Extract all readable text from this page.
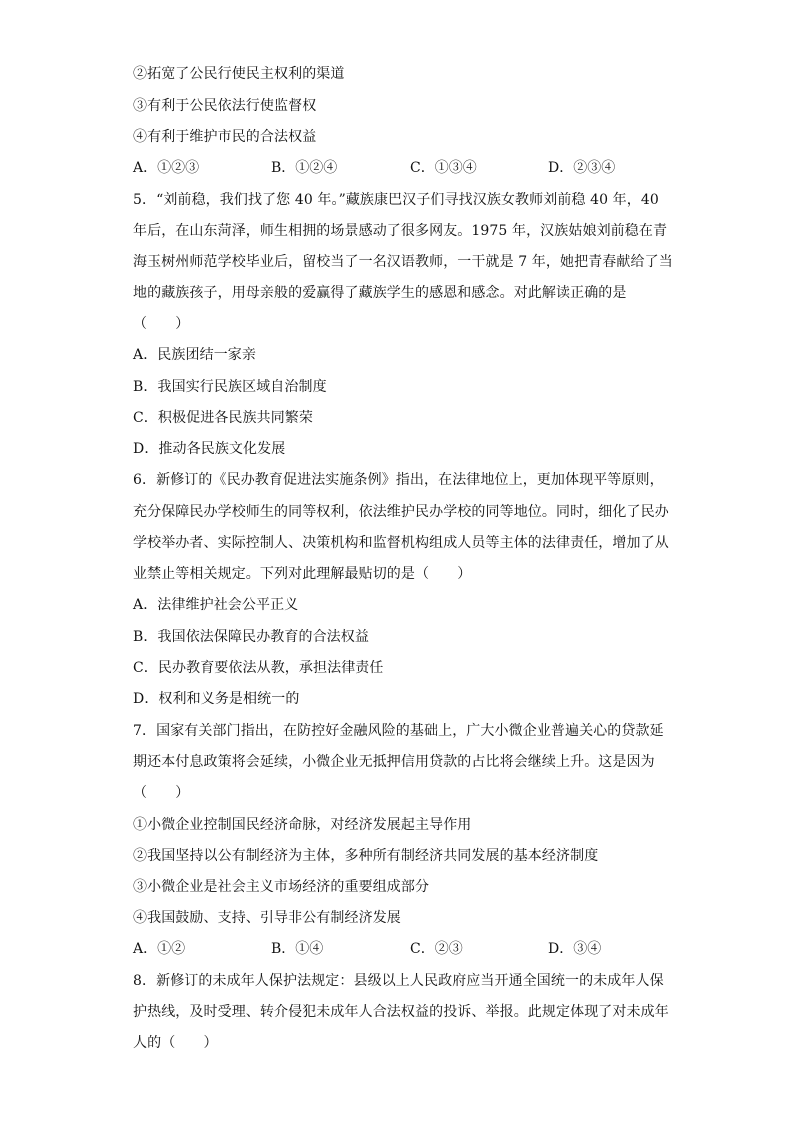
②拓宽了公民行使民主权利的渠道
③有利于公民依法行使监督权
④有利于维护市民的合法权益
A．①②③	B．①②④	C．①③④	D．②③④
5．“刘前稳，我们找了您 40 年。”藏族康巴汉子们寻找汉族女教师刘前稳 40 年，40
年后，在山东菏泽，师生相拥的场景感动了很多网友。1975 年，汉族姑娘刘前稳在青
海玉树州师范学校毕业后，留校当了一名汉语教师，一干就是 7 年，她把青春献给了当
地的藏族孩子，用母亲般的爱赢得了藏族学生的感恩和感念。对此解读正确的是
（　　）
A．民族团结一家亲
B．我国实行民族区域自治制度
C．积极促进各民族共同繁荣
D．推动各民族文化发展
6．新修订的《民办教育促进法实施条例》指出，在法律地位上，更加体现平等原则，
充分保障民办学校师生的同等权利，依法维护民办学校的同等地位。同时，细化了民办
学校举办者、实际控制人、决策机构和监督机构组成人员等主体的法律责任，增加了从
业禁止等相关规定。下列对此理解最贴切的是（　　）
A．法律维护社会公平正义
B．我国依法保障民办教育的合法权益
C．民办教育要依法从教，承担法律责任
D．权利和义务是相统一的
7．国家有关部门指出，在防控好金融风险的基础上，广大小微企业普遍关心的贷款延
期还本付息政策将会延续，小微企业无抵押信用贷款的占比将会继续上升。这是因为
（　　）
①小微企业控制国民经济命脉，对经济发展起主导作用
②我国坚持以公有制经济为主体，多种所有制经济共同发展的基本经济制度
③小微企业是社会主义市场经济的重要组成部分
④我国鼓励、支持、引导非公有制经济发展
A．①②	B．①④	C．②③	D．③④
8．新修订的未成年人保护法规定：县级以上人民政府应当开通全国统一的未成年人保
护热线，及时受理、转介侵犯未成年人合法权益的投诉、举报。此规定体现了对未成年
人的（　　）
